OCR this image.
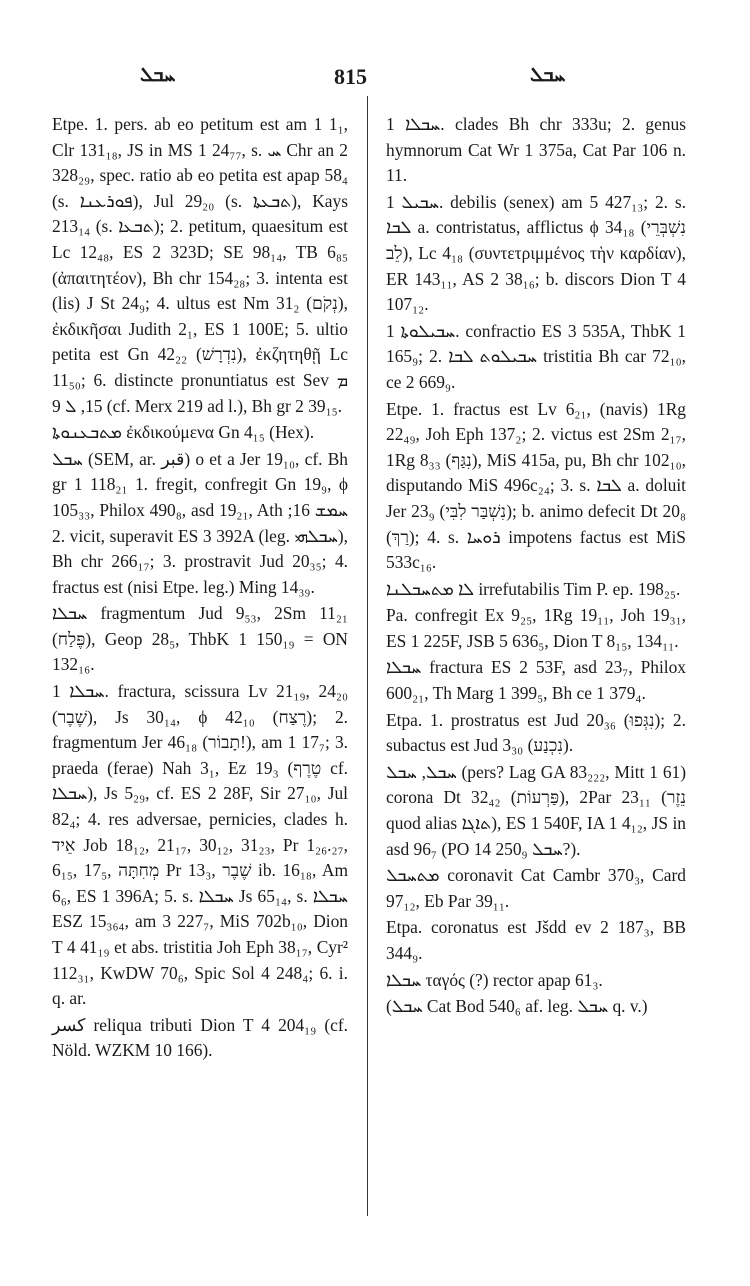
ܚܒܠ	815	ܚܒܠ

Etpe. 1. pers. ab eo petitum est am 1 1₁, Clr 131₁₈, JS in MS 1 24₇₇, s. ܚ Chr an 2 328₂₉, spec. ratio ab eo petita est apap 58₄ (s. ܦܘܪܥܢܐ), Jul 29₂₀ (s. ܬܒܥܬܐ), Kays 213₁₄ (s. ܬܒܥܐ); 2. petitum, quaesitum est Lc 12₄₈, ES 2 323D; SE 98₁₄, TB 6₈₅ (ἀπαιτητέον), Bh chr 154₂₈; 3. intenta est (lis) J St 24₉; 4. ultus est Nm 31₂ (נְקֹם), ἐκδικῆσαι Judith 2₁, ES 1 100E; 5. ultio petita est Gn 42₂₂ (נִדְרָשׁ), ἐκζητηθῇ Lc 11₅₀; 6. distincte pronuntiatus est Sev ܡ 15, ܠ 9 (cf. Merx 219 ad l.), Bh gr 2 39₁₅.

ܡܬܒܥܢܘܬܐ ἐκδικούμενα Gn 4₁₅ (Hex).

ܚܒܠ (SEM, ar. قبر) o et a Jer 19₁₀, cf. Bh gr 1 118₂₁ 1. fregit, confregit Gn 19₉, ϕ 105₃₃, Philox 490₈, asd 19₂₁, Ath ܚܡܫ 16; 2. vicit, superavit ES 3 392A (leg. ܚܒܠܗܝ), Bh chr 266₁₇; 3. prostravit Jud 20₃₅; 4. fractus est (nisi Etpe. leg.) Ming 14₃₉.

ܚܒܠܐ fragmentum Jud 9₅₃, 2Sm 11₂₁ (פֶּלַח), Geop 28₅, ThbK 1 150₁₉ = ON 132₁₆.

ܚܒܠܐ 1. fractura, scissura Lv 21₁₉, 24₂₀ (שֶׁבֶר), Js 30₁₄, ϕ 42₁₀ (רֶצַח); 2. fragmentum Jer 46₁₈ (תָבוֹר!), am 1 17₇; 3. praeda (ferae) Nah 3₁, Ez 19₃ (טֶרֶף cf. ܚܒܠܐ), Js 5₂₉, cf. ES 2 28F, Sir 27₁₀, Jul 82₄; 4. res adversae, pernicies, clades h. אֵיד Job 18₁₂, 21₁₇, 30₁₂, 31₂₃, Pr 1₂₆.₂₇, 6₁₅, 17₅, מְחִתָּה Pr 13₃, שֶׁבֶר ib. 16₁₈, Am 6₆, ES 1 396A; 5. s. ܚܒܠܐ Js 65₁₄, s. ܚܒܠܐ ESZ 15₃₆₄, am 3 227₇, MiS 702b₁₀, Dion T 4 41₁₉ et abs. tristitia Joh Eph 38₁₇, Cyr² 112₃₁, KwDW 70₆, Spic Sol 4 248₄; 6. i. q. ar.

كسر reliqua tributi Dion T 4 204₁₉ (cf. Nöld. WZKM 10 166).

ܚܒܠܐ 1. clades Bh chr 333u; 2. genus hymnorum Cat Wr 1 375a, Cat Par 106 n. 11.

ܚܒܝܠ 1. debilis (senex) am 5 427₁₃; 2. s. ܠܒܐ a. contristatus, afflictus ϕ 34₁₈ (נִשְׁבְּרֵי לֵב), Lc 4₁₈ (συντετριμμένος τὴν καρδίαν), ER 143₁₁, AS 2 38₁₆; b. discors Dion T 4 107₁₂.

ܚܒܝܠܘܬܐ 1. confractio ES 3 535A, ThbK 1 165₉; 2. ܚܒܝܠܘܬ ܠܒܐ tristitia Bh car 72₁₀, ce 2 669₉.

Etpe. 1. fractus est Lv 6₂₁, (navis) 1Rg 22₄₉, Joh Eph 137₂; 2. victus est 2Sm 2₁₇, 1Rg 8₃₃ (נִגַּף), MiS 415a, pu, Bh chr 102₁₀, disputando MiS 496c₂₄; 3. s. ܠܒܐ a. doluit Jer 23₉ (נִשְׁבַּר לִבִּי); b. animo defecit Dt 20₈ (רַךְ); 4. s. ܪܘܚܐ impotens factus est MiS 533c₁₆.

ܠܐ ܡܬܚܒܠܢܐ irrefutabilis Tim P. ep. 198₂₅.

Pa. confregit Ex 9₂₅, 1Rg 19₁₁, Joh 19₃₁, ES 1 225F, JSB 5 636₅, Dion T 8₁₅, 134₁₁.

ܚܒܠܐ fractura ES 2 53F, asd 23₇, Philox 600₂₁, Th Marg 1 399₅, Bh ce 1 379₄.

Etpa. 1. prostratus est Jud 20₃₆ (נִגְּפוּ); 2. subactus est Jud 3₃₀ (נִכְנַע).

ܚܒܠ, ܚܒܠ (pers? Lag GA 83₂₂₂, Mitt 1 61) corona Dt 32₄₂ (פַּרְעוֹת), 2Par 23₁₁ (נֵזֶר quod alias ܬܐܓܐ), ES 1 540F, IA 1 4₁₂, JS in asd 96₇ (PO 14 250₉ ܚܒܠ?).

ܡܬܚܒܠ coronavit Cat Cambr 370₃, Card 97₁₂, Eb Par 39₁₁.

Etpa. coronatus est Jšdd ev 2 187₃, BB 344₉.

ܚܒܠܐ ταγός (?) rector apap 61₃.

(ܚܒܠ Cat Bod 540₆ af. leg. ܚܒܠ q. v.)
